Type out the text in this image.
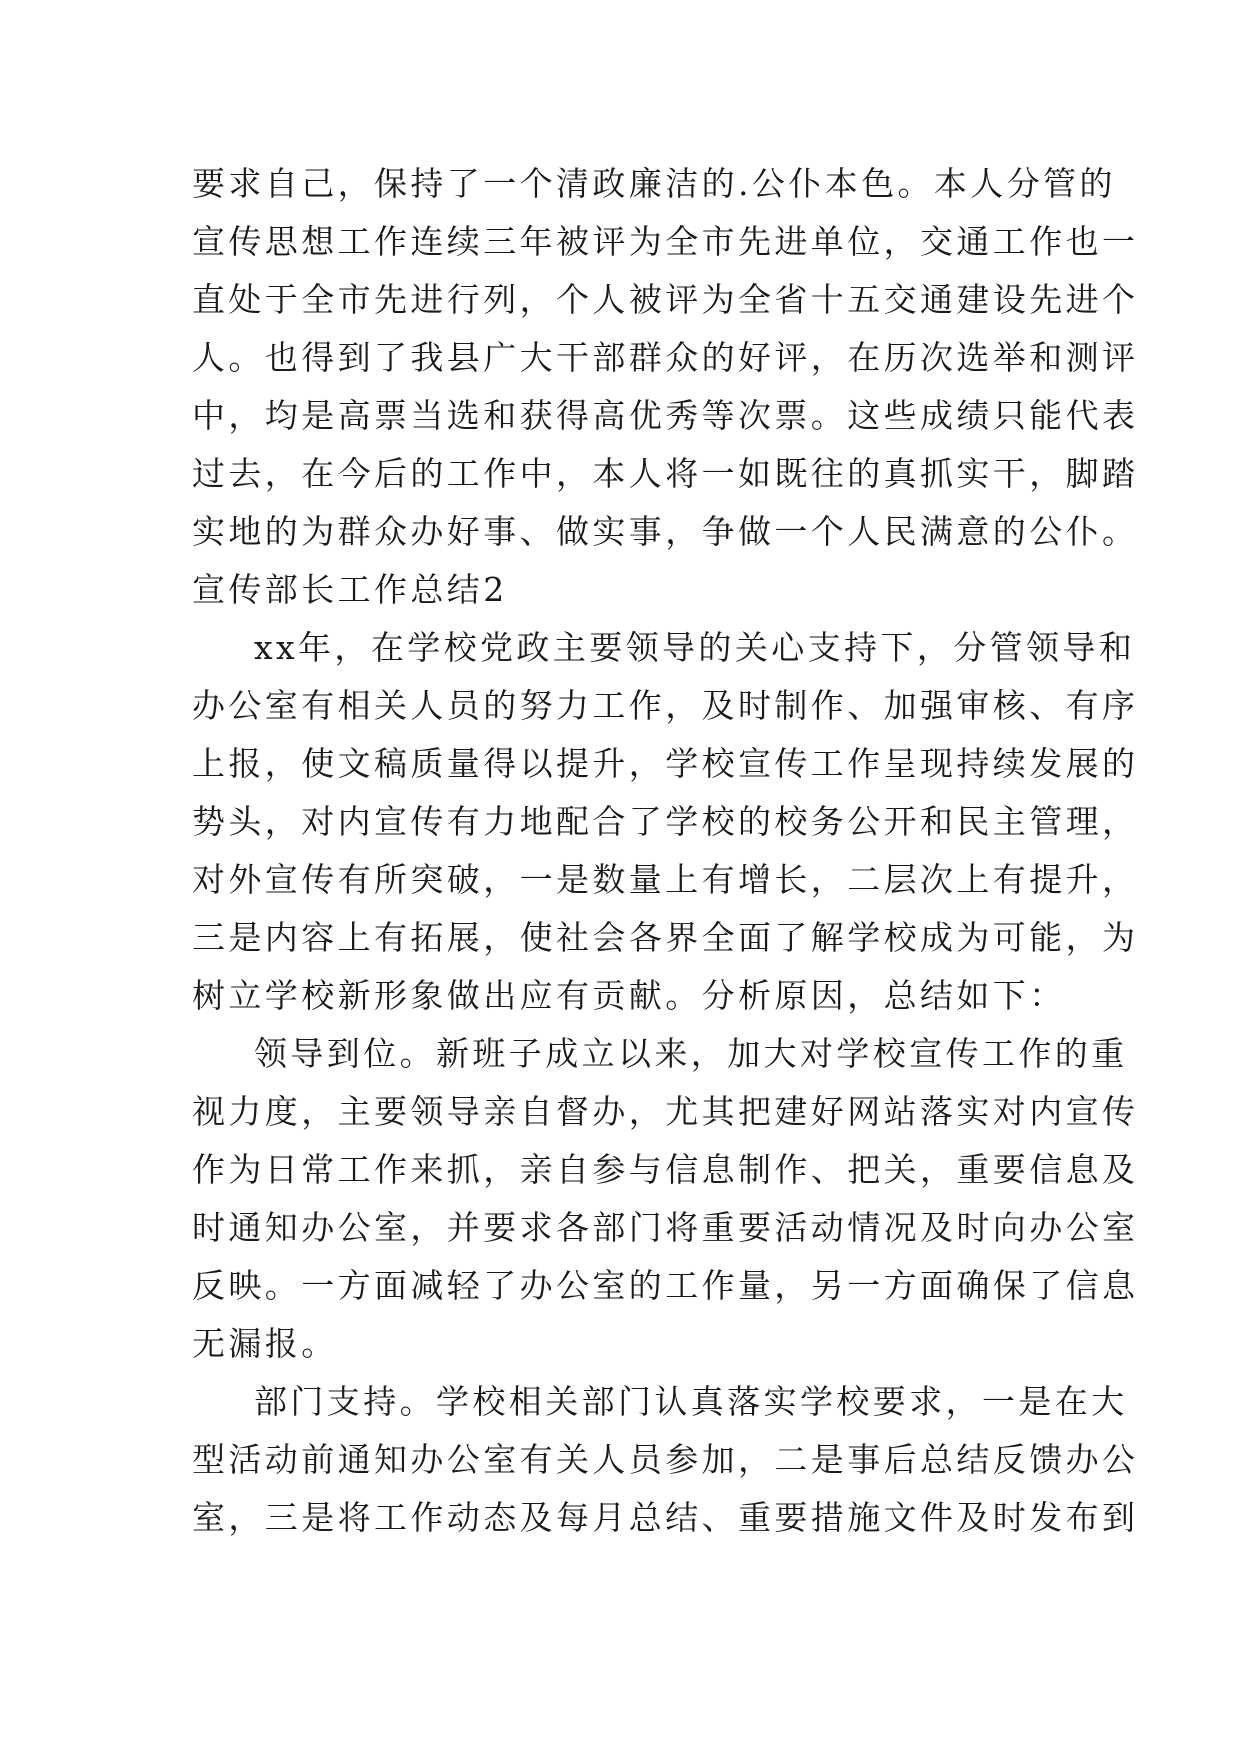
要求自己，保持了一个清政廉洁的.公仆本色。本人分管的
宣传思想工作连续三年被评为全市先进单位，交通工作也一
直处于全市先进行列，个人被评为全省十五交通建设先进个
人。也得到了我县广大干部群众的好评，在历次选举和测评
中，均是高票当选和获得高优秀等次票。这些成绩只能代表
过去，在今后的工作中，本人将一如既往的真抓实干，脚踏
实地的为群众办好事、做实事，争做一个人民满意的公仆。
宣传部长工作总结2
xx年，在学校党政主要领导的关心支持下，分管领导和
办公室有相关人员的努力工作，及时制作、加强审核、有序
上报，使文稿质量得以提升，学校宣传工作呈现持续发展的
势头，对内宣传有力地配合了学校的校务公开和民主管理，
对外宣传有所突破，一是数量上有增长，二层次上有提升，
三是内容上有拓展，使社会各界全面了解学校成为可能，为
树立学校新形象做出应有贡献。分析原因，总结如下：
领导到位。新班子成立以来，加大对学校宣传工作的重
视力度，主要领导亲自督办，尤其把建好网站落实对内宣传
作为日常工作来抓，亲自参与信息制作、把关，重要信息及
时通知办公室，并要求各部门将重要活动情况及时向办公室
反映。一方面减轻了办公室的工作量，另一方面确保了信息
无漏报。
部门支持。学校相关部门认真落实学校要求，一是在大
型活动前通知办公室有关人员参加，二是事后总结反馈办公
室，三是将工作动态及每月总结、重要措施文件及时发布到
